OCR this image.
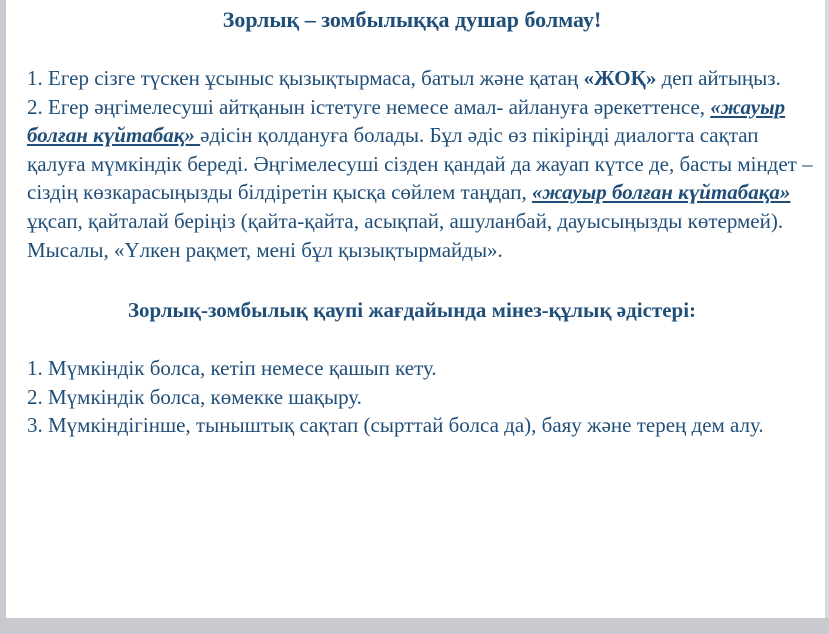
Зорлық – зомбылыққа душар болмау!

1. Егер сізге түскен ұсыныс қызықтырмаса, батыл және қатаң «ЖОҚ» деп айтыңыз.

2. Егер әңгімелесуші айтқанын істетуге немесе амал- айлануға әрекеттенсе, «жауыр болған күйтабақ» әдісін қолдануға болады. Бұл әдіс өз пікіріңді диалогта сақтап қалуға мүмкіндік береді. Әңгімелесуші сізден қандай да жауап күтсе де, басты міндет –сіздің көзкарасыңызды білдіретін қысқа сөйлем таңдап, «жауыр болған күйтабақа» ұқсап, қайталай беріңіз (қайта-қайта, асықпай, ашуланбай, дауысыңызды көтермей). Мысалы, «Үлкен рақмет, мені бұл қызықтырмайды».

Зорлық-зомбылық қаупі жағдайында мінез-құлық әдістері:

1. Мүмкіндік болса, кетіп немесе қашып кету.

2. Мүмкіндік болса, көмекке шақыру.

3. Мүмкіндігінше, тыныштық сақтап (сырттай болса да), баяу және терең дем алу.
